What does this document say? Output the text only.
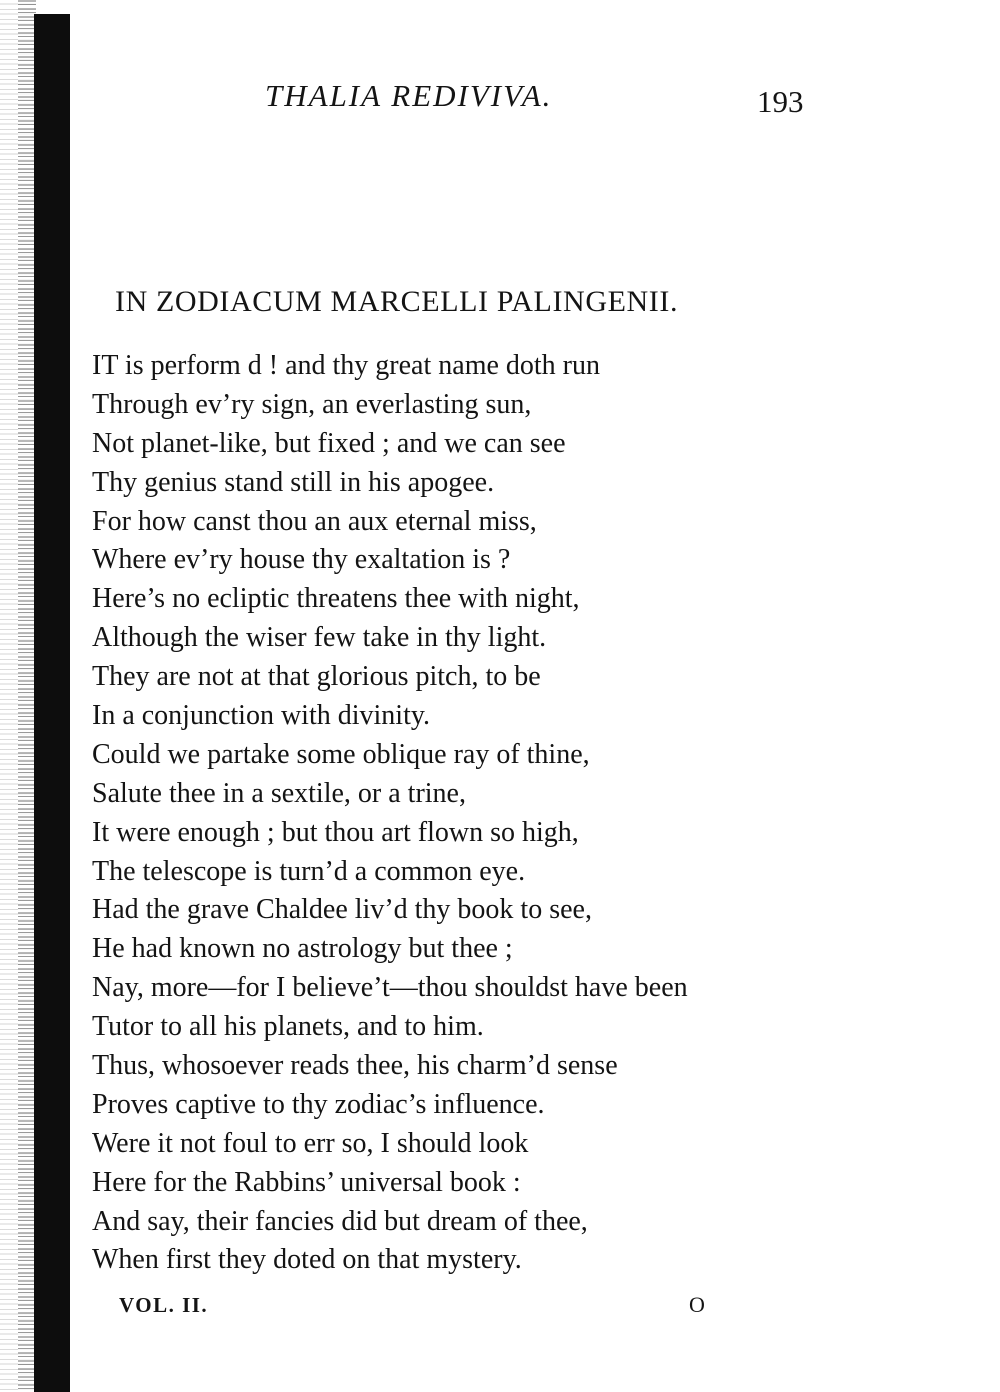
THALIA REDIVIVA.	193
IN ZODIACUM MARCELLI PALINGENII.
IT is perform d ! and thy great name doth run
Through ev’ry sign, an everlasting sun,
Not planet-like, but fixed ; and we can see
Thy genius stand still in his apogee.
For how canst thou an aux eternal miss,
Where ev’ry house thy exaltation is ?
Here’s no ecliptic threatens thee with night,
Although the wiser few take in thy light.
They are not at that glorious pitch, to be
In a conjunction with divinity.
Could we partake some oblique ray of thine,
Salute thee in a sextile, or a trine,
It were enough ; but thou art flown so high,
The telescope is turn’d a common eye.
Had the grave Chaldee liv’d thy book to see,
He had known no astrology but thee ;
Nay, more—for I believe’t—thou shouldst have been
Tutor to all his planets, and to him.
Thus, whosoever reads thee, his charm’d sense
Proves captive to thy zodiac’s influence.
Were it not foul to err so, I should look
Here for the Rabbins’ universal book :
And say, their fancies did but dream of thee,
When first they doted on that mystery.
VOL. II.	O
